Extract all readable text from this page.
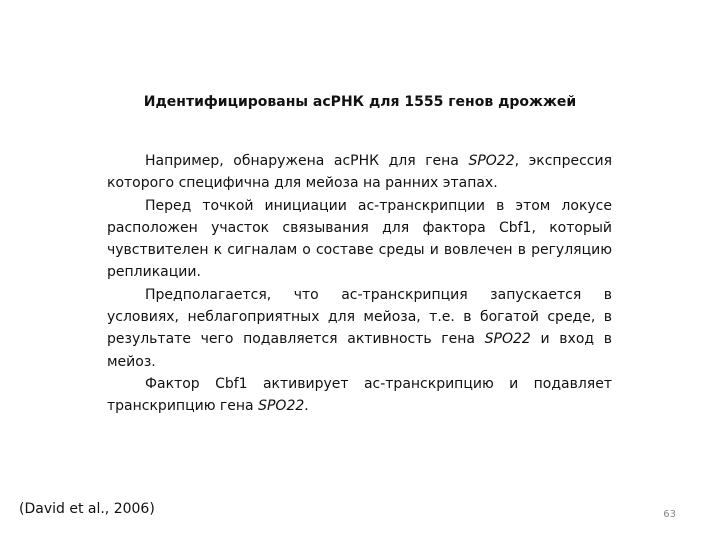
Идентифицированы асРНК для 1555 генов дрожжей

Например, обнаружена асРНК для гена SPO22, экспрессия которого специфична для мейоза на ранних этапах.

Перед точкой инициации ас-транскрипции в этом локусе расположен участок связывания для фактора Cbf1, который чувствителен к сигналам о составе среды и вовлечен в регуляцию репликации.

Предполагается, что ас-транскрипция запускается в условиях, неблагоприятных для мейоза, т.е. в богатой среде, в результате чего подавляется активность гена SPO22 и вход в мейоз.

Фактор Cbf1 активирует ас-транскрипцию и подавляет транскрипцию гена SPO22.

(David et al., 2006)	63
